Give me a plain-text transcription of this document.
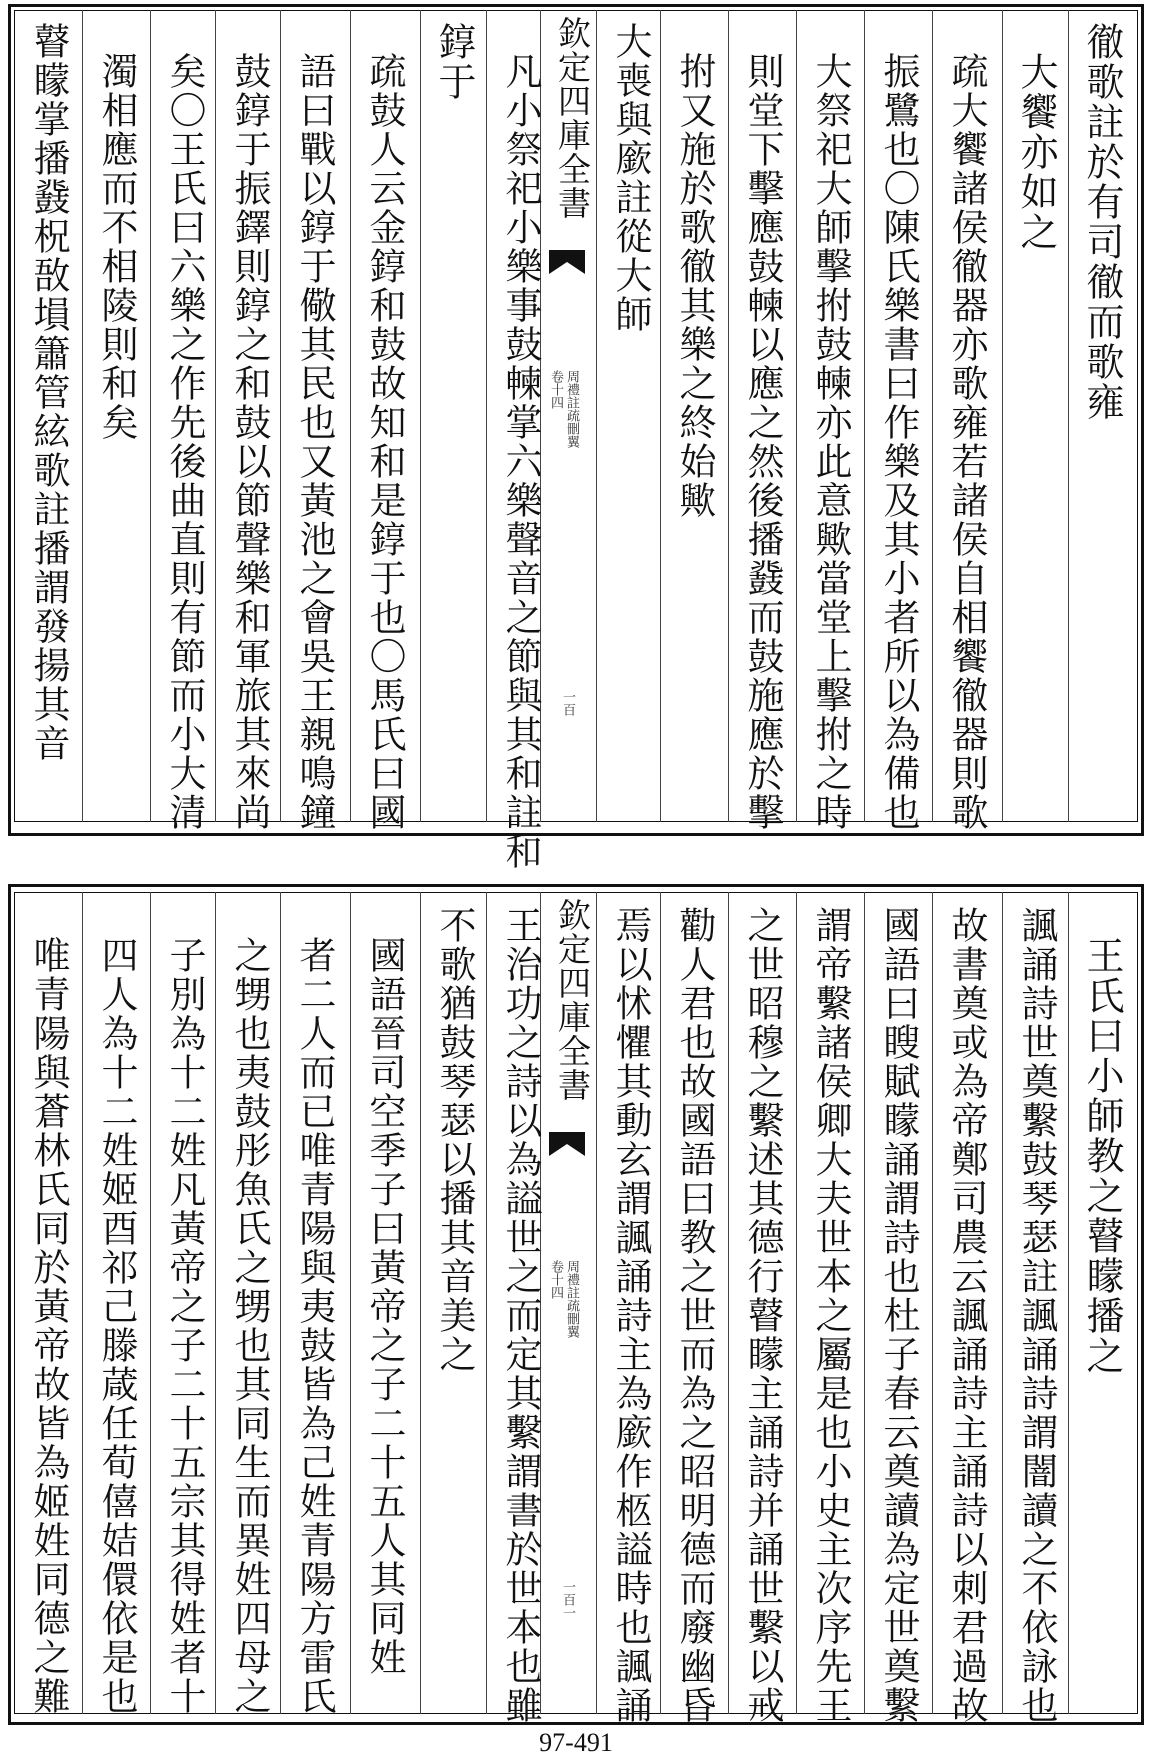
徹歌註於有司徹而歌雍
大饗亦如之
疏大饗諸侯徹器亦歌雍若諸侯自相饗徹器則歌
振鷺也〇陳氏樂書曰作樂及其小者所以為備也
大祭祀大師擊拊鼓朄亦此意歟當堂上擊拊之時
則堂下擊應鼓朄以應之然後播鼗而鼓施應於擊
拊又施於歌徹其樂之終始歟
大喪與廞註從大師
欽定四庫全書
周禮註疏刪翼
卷十四
一百
凡小祭祀小樂事鼓朄掌六樂聲音之節與其和註和
錞于
疏鼓人云金錞和鼓故知和是錞于也〇馬氏曰國
語曰戰以錞于儆其民也又黃池之會吳王親鳴鐘
鼓錞于振鐸則錞之和鼓以節聲樂和軍旅其來尚
矣〇王氏曰六樂之作先後曲直則有節而小大清
濁相應而不相陵則和矣
瞽矇掌播鼗柷敔塤簫管絃歌註播謂發揚其音
王氏曰小師教之瞽矇播之
諷誦詩世奠繫鼓琴瑟註諷誦詩謂闇讀之不依詠也
故書奠或為帝鄭司農云諷誦詩主誦詩以刺君過故
國語曰瞍賦矇誦謂詩也杜子春云奠讀為定世奠繫
謂帝繫諸侯卿大夫世本之屬是也小史主次序先王
之世昭穆之繫述其德行瞽矇主誦詩并誦世繫以戒
勸人君也故國語曰教之世而為之昭明德而廢幽昏
焉以怵懼其動玄謂諷誦詩主為廞作柩謚時也諷誦
欽定四庫全書
周禮註疏刪翼
卷十四
一百一
王治功之詩以為謚世之而定其繫謂書於世本也雖
不歌猶鼓琴瑟以播其音美之
國語晉司空季子曰黃帝之子二十五人其同姓
者二人而已唯青陽與夷鼓皆為己姓青陽方雷氏
之甥也夷鼓彤魚氏之甥也其同生而異姓四母之
子別為十二姓凡黃帝之子二十五宗其得姓者十
四人為十二姓姬酉祁己滕葴任荀僖姞儇依是也
唯青陽與蒼林氏同於黃帝故皆為姬姓同德之難
97-491
